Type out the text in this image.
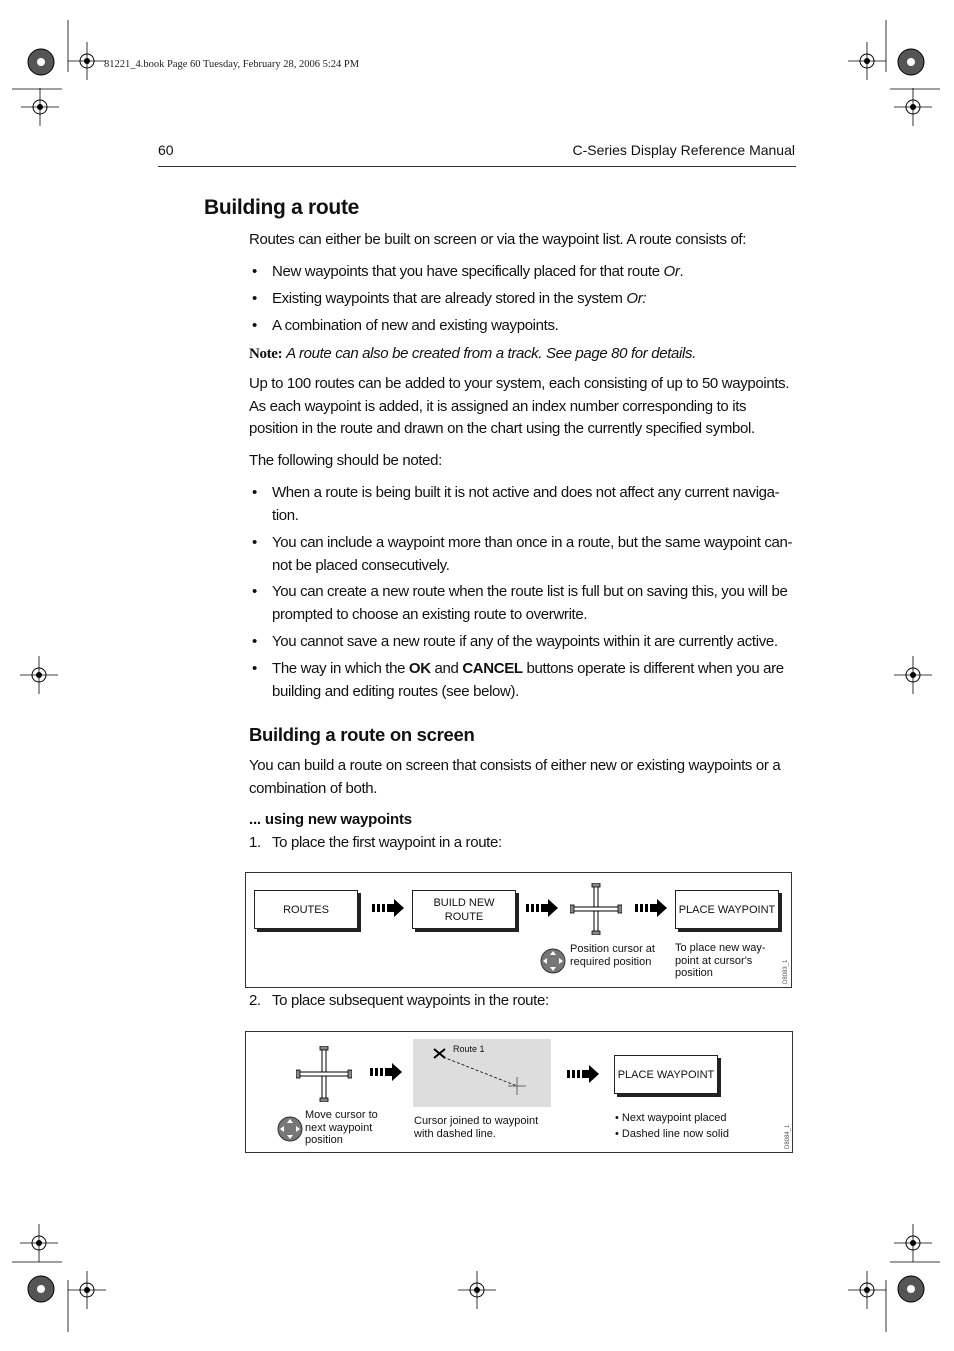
81221_4.book Page 60 Tuesday, February 28, 2006 5:24 PM
60	C-Series Display Reference Manual
Building a route
Routes can either be built on screen or via the waypoint list. A route consists of:
• New waypoints that you have specifically placed for that route Or.
• Existing waypoints that are already stored in the system Or:
• A combination of new and existing waypoints.
Note: A route can also be created from a track. See page 80 for details.
Up to 100 routes can be added to your system, each consisting of up to 50 waypoints. As each waypoint is added, it is assigned an index number corresponding to its position in the route and drawn on the chart using the currently specified symbol.
The following should be noted:
• When a route is being built it is not active and does not affect any current naviga-tion.
• You can include a waypoint more than once in a route, but the same waypoint can-not be placed consecutively.
• You can create a new route when the route list is full but on saving this, you will be prompted to choose an existing route to overwrite.
• You cannot save a new route if any of the waypoints within it are currently active.
• The way in which the OK and CANCEL buttons operate is different when you are building and editing routes (see below).
Building a route on screen
You can build a route on screen that consists of either new or existing waypoints or a combination of both.
... using new waypoints
1. To place the first waypoint in a route:
ROUTES
BUILD NEW ROUTE
PLACE WAYPOINT
Position cursor at required position
To place new way-point at cursor's position	D8083_1
2. To place subsequent waypoints in the route:
Route 1
PLACE WAYPOINT
Move cursor to next waypoint position
Cursor joined to waypoint with dashed line.
• Next waypoint placed
• Dashed line now solid	D8084_1
